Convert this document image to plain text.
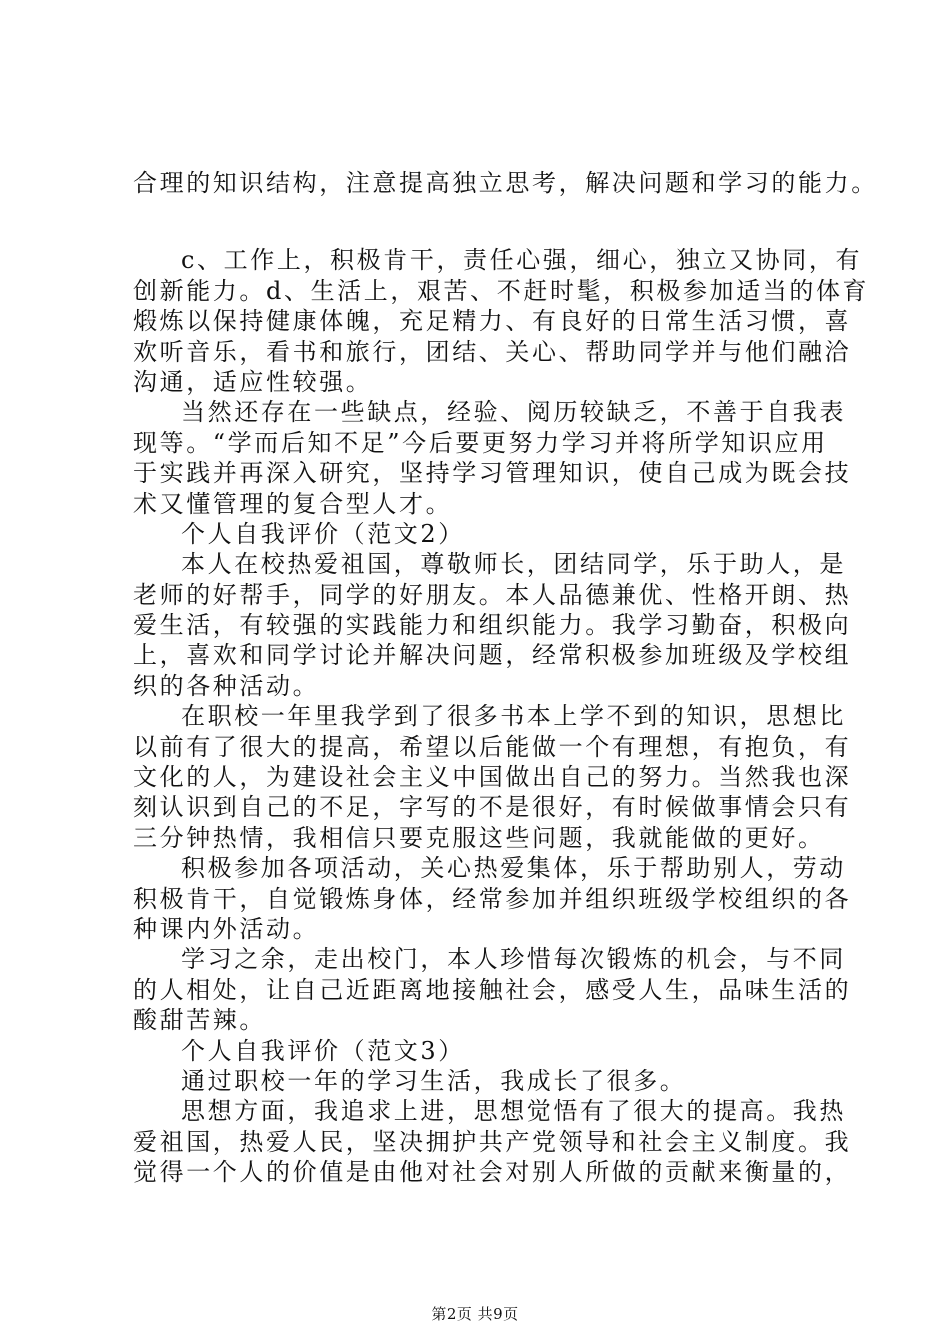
合理的知识结构，注意提高独立思考，解决问题和学习的能力。
c、工作上，积极肯干，责任心强，细心，独立又协同，有
创新能力。d、生活上，艰苦、不赶时髦，积极参加适当的体育
煅炼以保持健康体魄，充足精力、有良好的日常生活习惯，喜
欢听音乐，看书和旅行，团结、关心、帮助同学并与他们融洽
沟通，适应性较强。
当然还存在一些缺点，经验、阅历较缺乏，不善于自我表
现等。“学而后知不足”今后要更努力学习并将所学知识应用
于实践并再深入研究，坚持学习管理知识，使自己成为既会技
术又懂管理的复合型人才。
个人自我评价（范文2）
本人在校热爱祖国，尊敬师长，团结同学，乐于助人，是
老师的好帮手，同学的好朋友。本人品德兼优、性格开朗、热
爱生活，有较强的实践能力和组织能力。我学习勤奋，积极向
上，喜欢和同学讨论并解决问题，经常积极参加班级及学校组
织的各种活动。
在职校一年里我学到了很多书本上学不到的知识，思想比
以前有了很大的提高，希望以后能做一个有理想，有抱负，有
文化的人，为建设社会主义中国做出自己的努力。当然我也深
刻认识到自己的不足，字写的不是很好，有时候做事情会只有
三分钟热情，我相信只要克服这些问题，我就能做的更好。
积极参加各项活动，关心热爱集体，乐于帮助别人，劳动
积极肯干，自觉锻炼身体，经常参加并组织班级学校组织的各
种课内外活动。
学习之余，走出校门，本人珍惜每次锻炼的机会，与不同
的人相处，让自己近距离地接触社会，感受人生，品味生活的
酸甜苦辣。
个人自我评价（范文3）
通过职校一年的学习生活，我成长了很多。
思想方面，我追求上进，思想觉悟有了很大的提高。我热
爱祖国，热爱人民，坚决拥护共产党领导和社会主义制度。我
觉得一个人的价值是由他对社会对别人所做的贡献来衡量的，
第2页 共9页
